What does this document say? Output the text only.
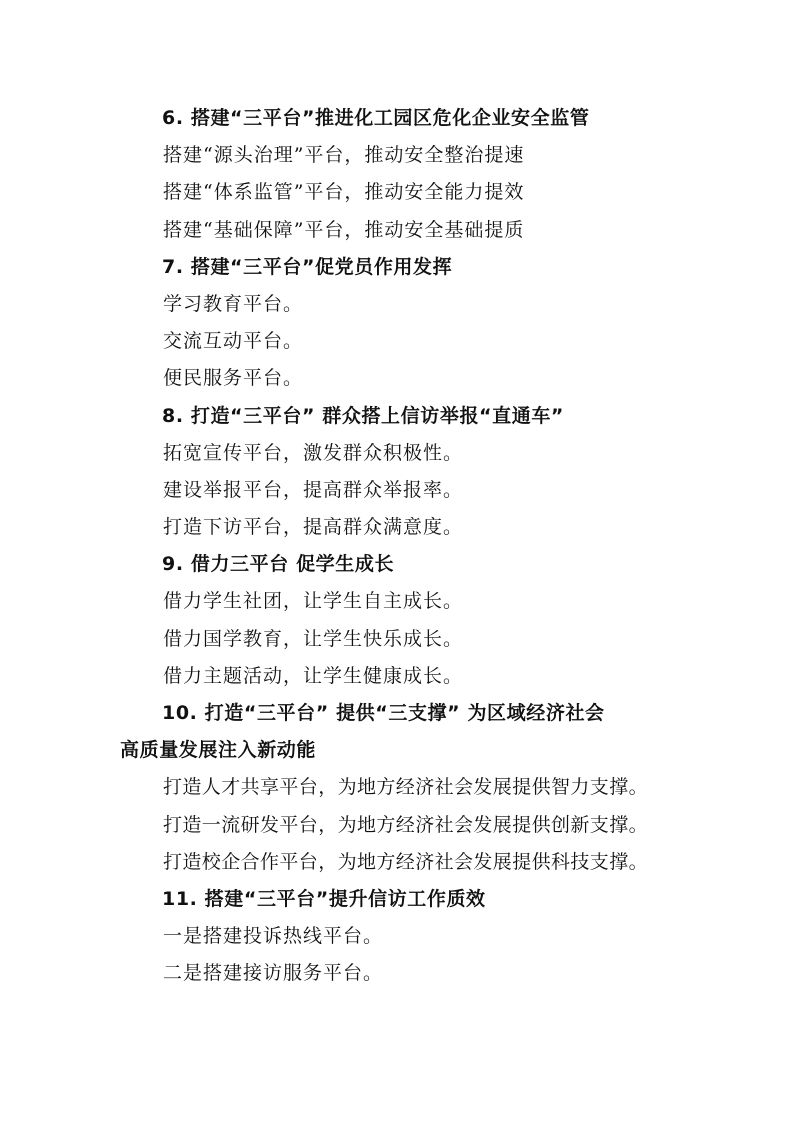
6. 搭建“三平台”推进化工园区危化企业安全监管
搭建“源头治理”平台，推动安全整治提速
搭建“体系监管”平台，推动安全能力提效
搭建“基础保障”平台，推动安全基础提质
7. 搭建“三平台”促党员作用发挥
学习教育平台。
交流互动平台。
便民服务平台。
8. 打造“三平台” 群众搭上信访举报“直通车”
拓宽宣传平台，激发群众积极性。
建设举报平台，提高群众举报率。
打造下访平台，提高群众满意度。
9. 借力三平台 促学生成长
借力学生社团，让学生自主成长。
借力国学教育，让学生快乐成长。
借力主题活动，让学生健康成长。
10. 打造“三平台” 提供“三支撑” 为区域经济社会
高质量发展注入新动能
打造人才共享平台，为地方经济社会发展提供智力支撑。
打造一流研发平台，为地方经济社会发展提供创新支撑。
打造校企合作平台，为地方经济社会发展提供科技支撑。
11. 搭建“三平台”提升信访工作质效
一是搭建投诉热线平台。
二是搭建接访服务平台。
